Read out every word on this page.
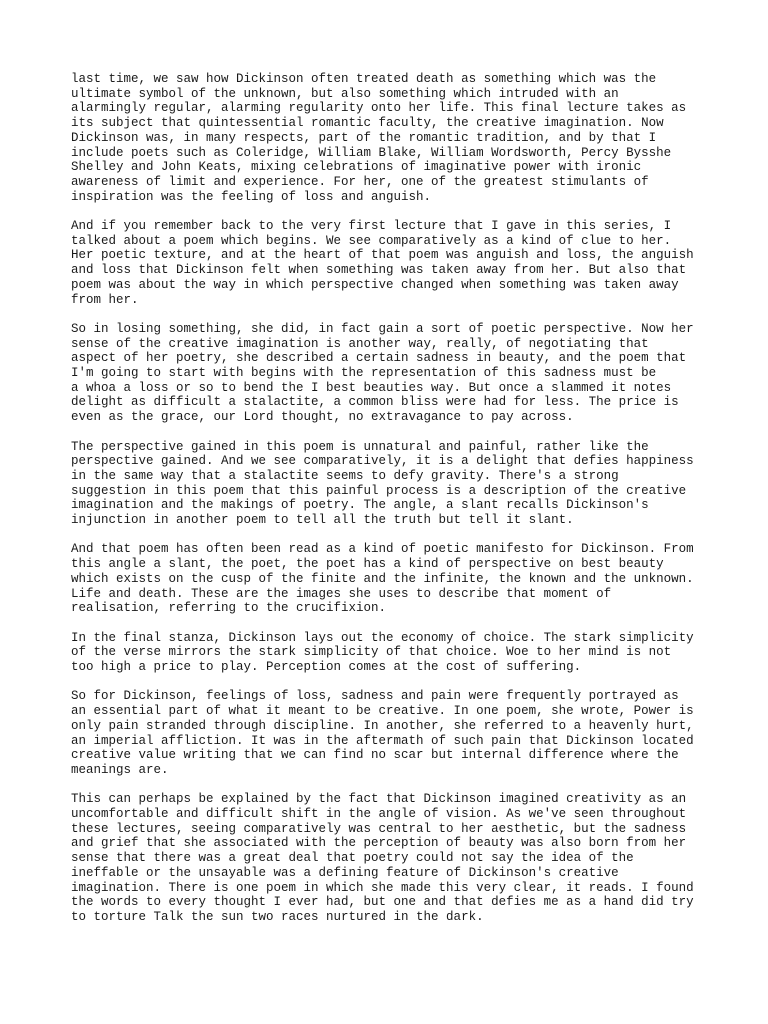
last time, we saw how Dickinson often treated death as something which was the
ultimate symbol of the unknown, but also something which intruded with an
alarmingly regular, alarming regularity onto her life. This final lecture takes as
its subject that quintessential romantic faculty, the creative imagination. Now
Dickinson was, in many respects, part of the romantic tradition, and by that I
include poets such as Coleridge, William Blake, William Wordsworth, Percy Bysshe
Shelley and John Keats, mixing celebrations of imaginative power with ironic
awareness of limit and experience. For her, one of the greatest stimulants of
inspiration was the feeling of loss and anguish.

And if you remember back to the very first lecture that I gave in this series, I
talked about a poem which begins. We see comparatively as a kind of clue to her.
Her poetic texture, and at the heart of that poem was anguish and loss, the anguish
and loss that Dickinson felt when something was taken away from her. But also that
poem was about the way in which perspective changed when something was taken away
from her.

So in losing something, she did, in fact gain a sort of poetic perspective. Now her
sense of the creative imagination is another way, really, of negotiating that
aspect of her poetry, she described a certain sadness in beauty, and the poem that
I'm going to start with begins with the representation of this sadness must be
a whoa a loss or so to bend the I best beauties way. But once a slammed it notes
delight as difficult a stalactite, a common bliss were had for less. The price is
even as the grace, our Lord thought, no extravagance to pay across.

The perspective gained in this poem is unnatural and painful, rather like the
perspective gained. And we see comparatively, it is a delight that defies happiness
in the same way that a stalactite seems to defy gravity. There's a strong
suggestion in this poem that this painful process is a description of the creative
imagination and the makings of poetry. The angle, a slant recalls Dickinson's
injunction in another poem to tell all the truth but tell it slant.

And that poem has often been read as a kind of poetic manifesto for Dickinson. From
this angle a slant, the poet, the poet has a kind of perspective on best beauty
which exists on the cusp of the finite and the infinite, the known and the unknown.
Life and death. These are the images she uses to describe that moment of
realisation, referring to the crucifixion.

In the final stanza, Dickinson lays out the economy of choice. The stark simplicity
of the verse mirrors the stark simplicity of that choice. Woe to her mind is not
too high a price to play. Perception comes at the cost of suffering.

So for Dickinson, feelings of loss, sadness and pain were frequently portrayed as
an essential part of what it meant to be creative. In one poem, she wrote, Power is
only pain stranded through discipline. In another, she referred to a heavenly hurt,
an imperial affliction. It was in the aftermath of such pain that Dickinson located
creative value writing that we can find no scar but internal difference where the
meanings are.

This can perhaps be explained by the fact that Dickinson imagined creativity as an
uncomfortable and difficult shift in the angle of vision. As we've seen throughout
these lectures, seeing comparatively was central to her aesthetic, but the sadness
and grief that she associated with the perception of beauty was also born from her
sense that there was a great deal that poetry could not say the idea of the
ineffable or the unsayable was a defining feature of Dickinson's creative
imagination. There is one poem in which she made this very clear, it reads. I found
the words to every thought I ever had, but one and that defies me as a hand did try
to torture Talk the sun two races nurtured in the dark.
